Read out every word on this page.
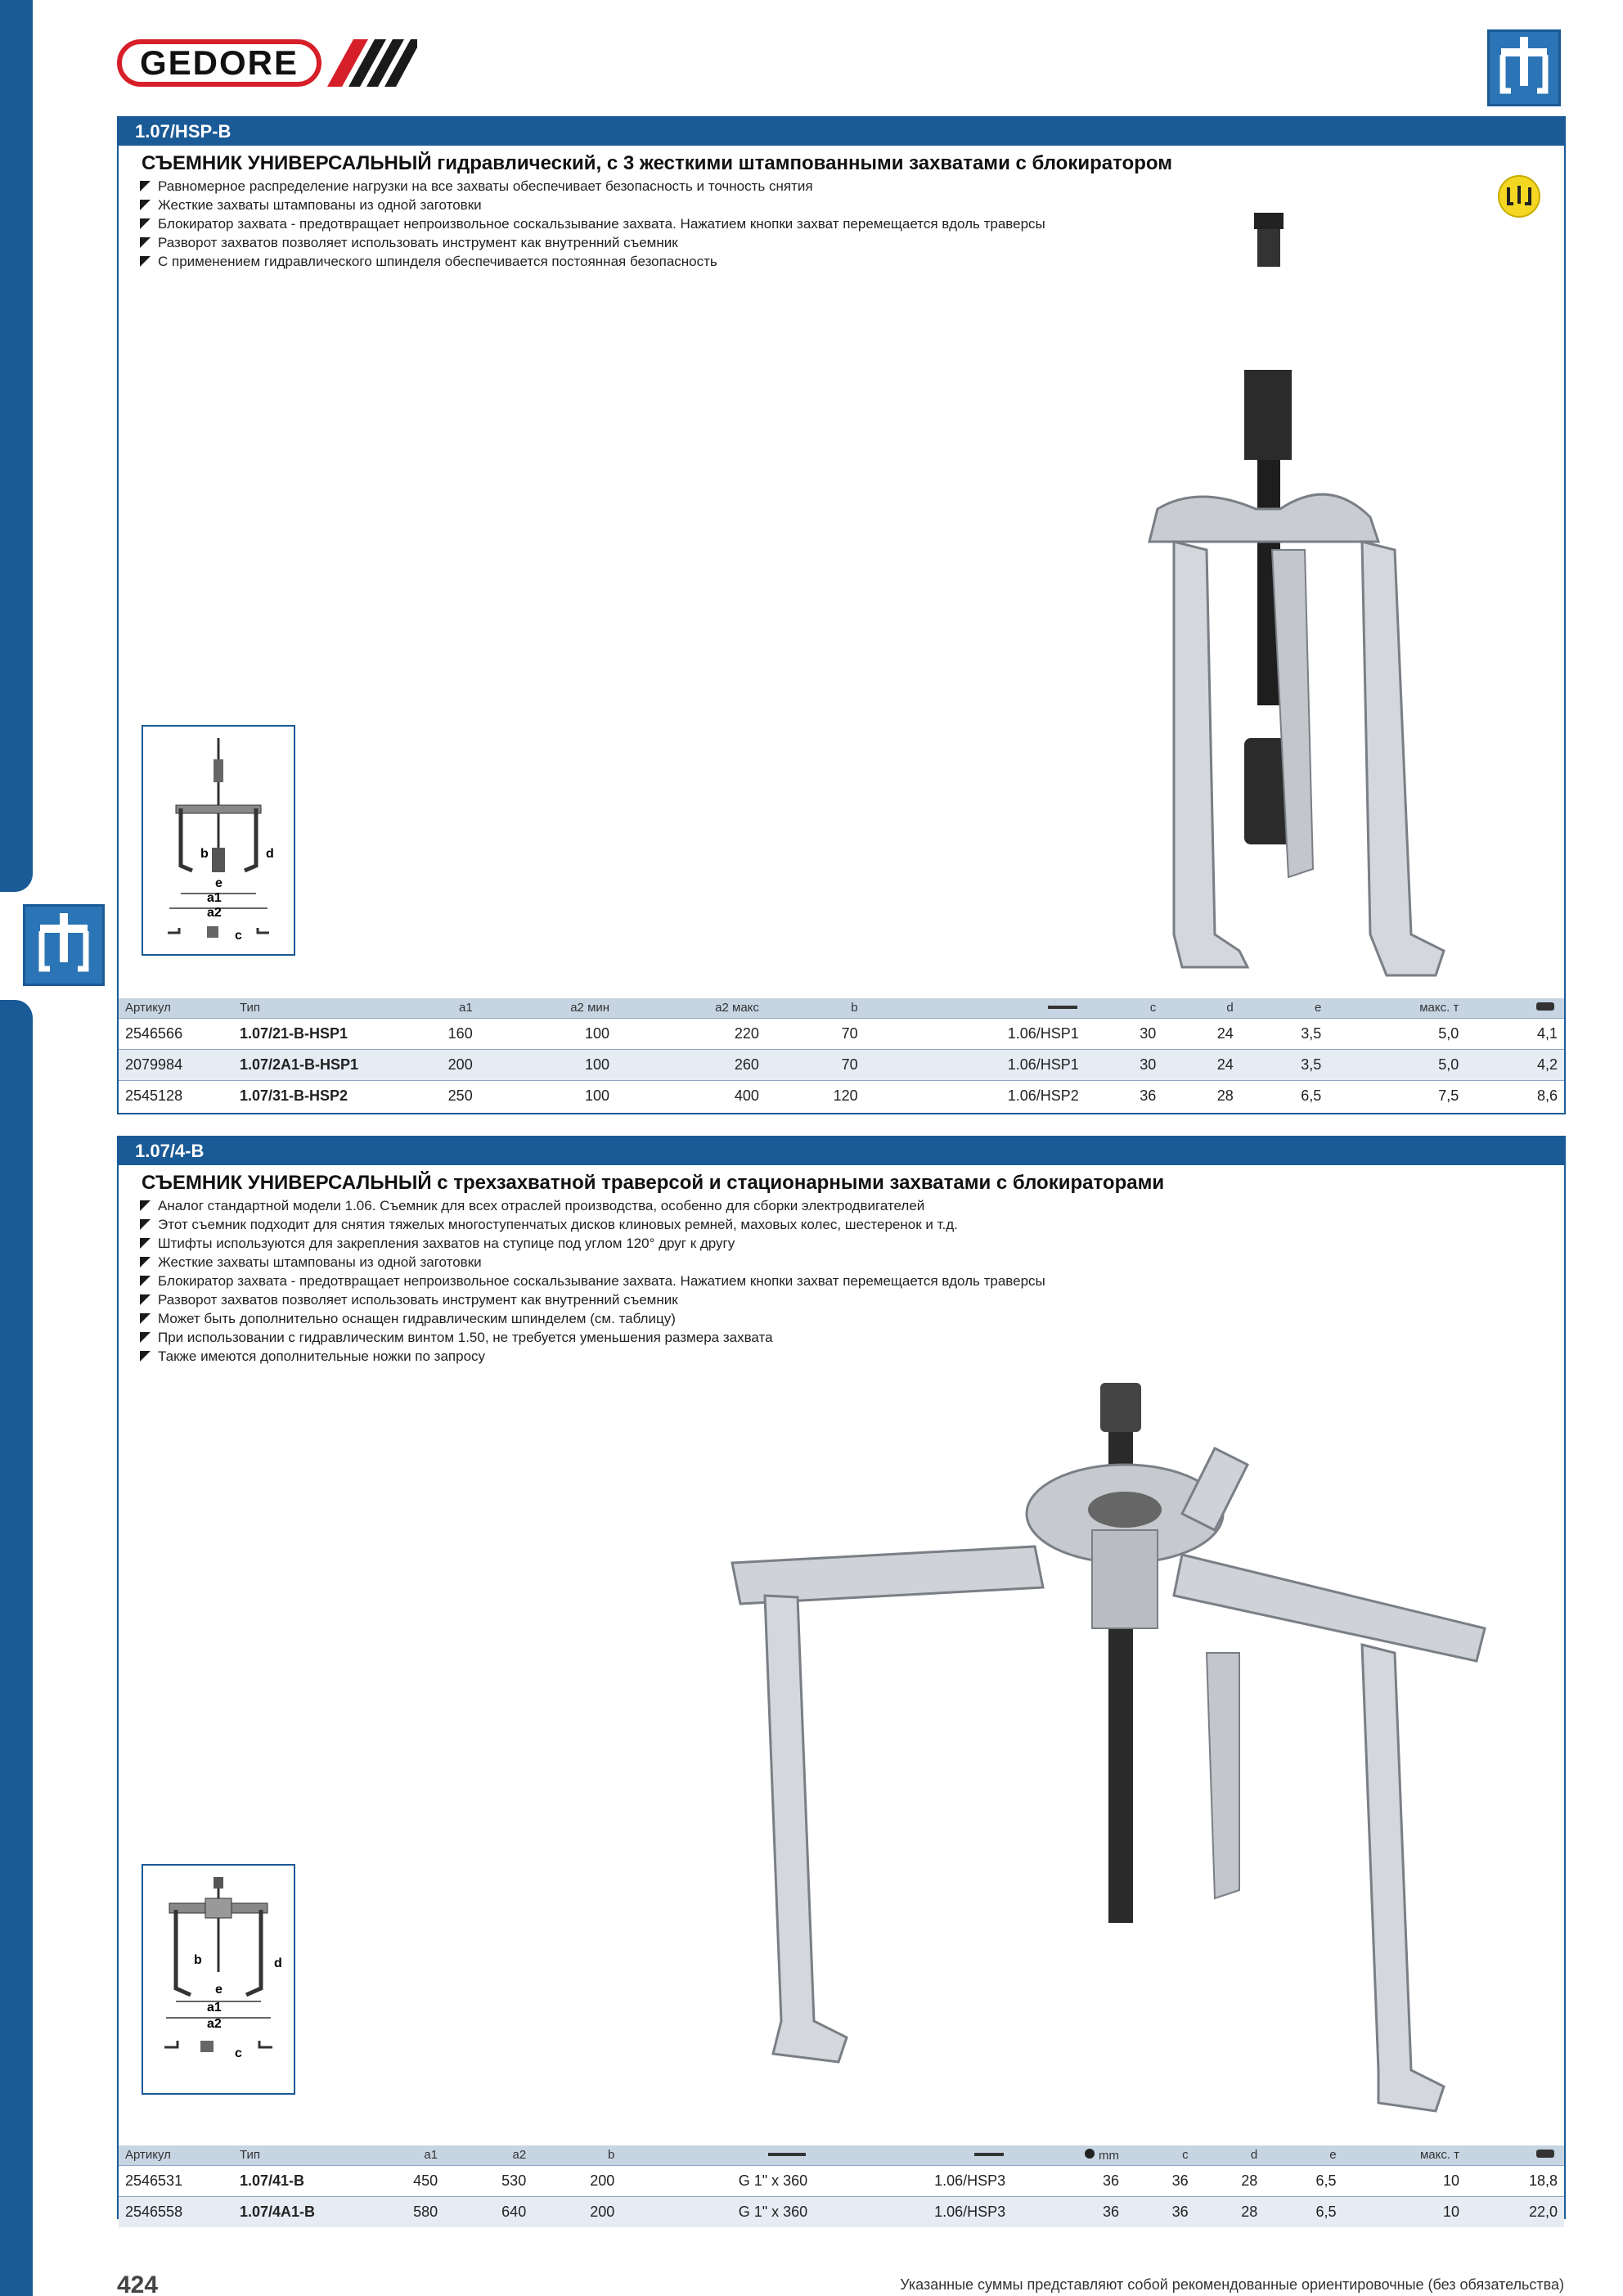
GEDORE
1.07/HSP-B
СЪЕМНИК УНИВЕРСАЛЬНЫЙ гидравлический, с 3 жесткими штампованными захватами с блокиратором
Равномерное распределение нагрузки на все захваты обеспечивает безопасность и точность снятия
Жесткие захваты штампованы из одной заготовки
Блокиратор захвата - предотвращает непроизвольное соскальзывание захвата. Нажатием кнопки захват перемещается вдоль траверсы
Разворот захватов позволяет использовать инструмент как внутренний съемник
С применением гидравлического шпинделя обеспечивается постоянная безопасность
b	d
e
a1
a2
c
Артикул	Тип	a1	a2 мин	a2 макс	b		c	d	e	макс. т	
2546566	1.07/21-B-HSP1	160	100	220	70	1.06/HSP1	30	24	3,5	5,0	4,1
2079984	1.07/2A1-B-HSP1	200	100	260	70	1.06/HSP1	30	24	3,5	5,0	4,2
2545128	1.07/31-B-HSP2	250	100	400	120	1.06/HSP2	36	28	6,5	7,5	8,6
1.07/4-B
СЪЕМНИК УНИВЕРСАЛЬНЫЙ с трехзахватной траверсой и стационарными захватами с блокираторами
Аналог стандартной модели 1.06. Съемник для всех отраслей производства, особенно для сборки электродвигателей
Этот съемник подходит для снятия тяжелых многоступенчатых дисков клиновых ремней, маховых колес, шестеренок и т.д.
Штифты используются для закрепления захватов на ступице под углом 120° друг к другу
Жесткие захваты штампованы из одной заготовки
Блокиратор захвата - предотвращает непроизвольное соскальзывание захвата. Нажатием кнопки захват перемещается вдоль траверсы
Разворот захватов позволяет использовать инструмент как внутренний съемник
Может быть дополнительно оснащен гидравлическим шпинделем (см. таблицу)
При использовании с гидравлическим винтом 1.50, не требуется уменьшения размера захвата
Также имеются дополнительные ножки по запросу
b	d
e
a1
a2
c
Артикул	Тип	a1	a2	b			mm	c	d	e	макс. т	
2546531	1.07/41-B	450	530	200	G 1" x 360	1.06/HSP3	36	36	28	6,5	10	18,8
2546558	1.07/4A1-B	580	640	200	G 1" x 360	1.06/HSP3	36	36	28	6,5	10	22,0
424	Указанные суммы представляют собой рекомендованные ориентировочные (без обязательства)
